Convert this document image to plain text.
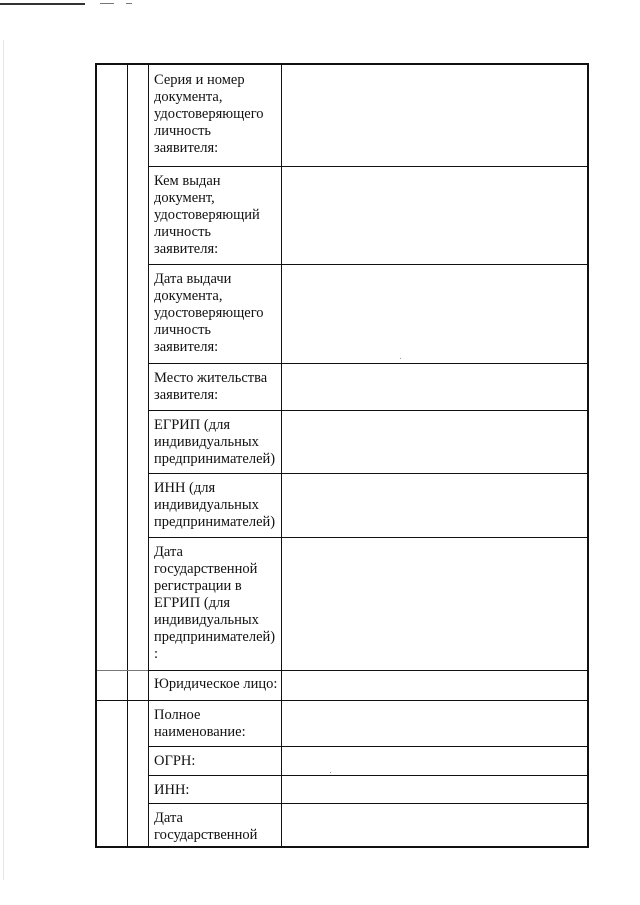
Серия и номер
документа,
удостоверяющего
личность
заявителя:
Кем выдан
документ,
удостоверяющий
личность
заявителя:
Дата выдачи
документа,
удостоверяющего
личность
заявителя:
Место жительства
заявителя:
ЕГРИП (для
индивидуальных
предпринимателей)
ИНН (для
индивидуальных
предпринимателей)
Дата
государственной
регистрации в
ЕГРИП (для
индивидуальных
предпринимателей)
:
Юридическое лицо:
Полное
наименование:
ОГРН:
ИНН:
Дата
государственной
